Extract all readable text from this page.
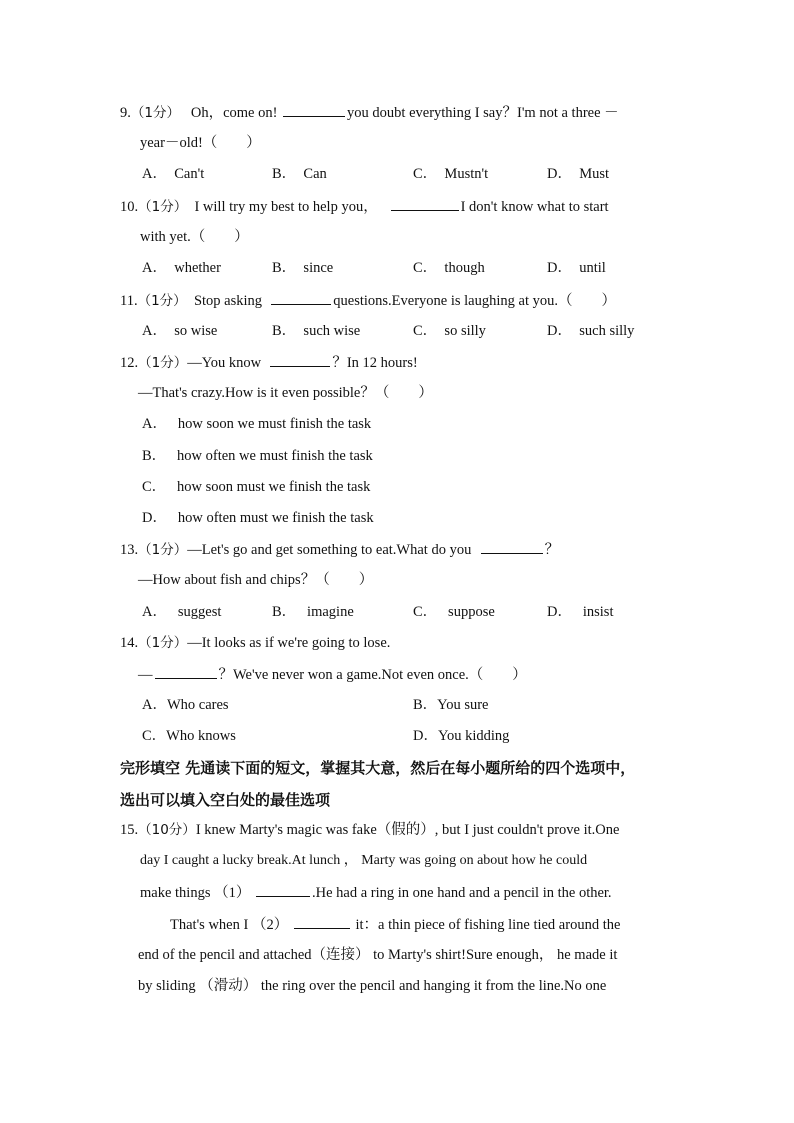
9.（1分） Oh，come on!	you doubt everything I say？I'm not a three －
year－old!（　　）
A． Can't	B． Can	C． Mustn't	D． Must
10.（1分） I will try my best to help you，	I don't know what to start
with yet.（　　）
A． whether	B． since	C． though	D． until
11.（1分） Stop asking	questions.Everyone is laughing at you.（　　）
A． so wise	B． such wise	C． so silly	D． such silly
12.（1分）—You know	？In 12 hours!
—That's crazy.How is it even possible？（　　）
A． how soon we must finish the task
B． how often we must finish the task
C． how soon must we finish the task
D． how often must we finish the task
13.（1分）—Let's go and get something to eat.What do you	？
—How about fish and chips？（　　）
A． suggest	B． imagine	C． suppose	D． insist
14.（1分）—It looks as if we're going to lose.
—	？We've never won a game.Not even once.（　　）
A．Who cares	B．You sure
C．Who knows	D．You kidding
完形填空 先通读下面的短文，掌握其大意，然后在每小题所给的四个选项中，
选出可以填入空白处的最佳选项
15.（10分）I knew Marty's magic was fake（假的）, but I just couldn't prove it.One
day I caught a lucky break.At lunch ， Marty was going on about how he could
make things （1）	.He had a ring in one hand and a pencil in the other.
That's when I （2）	it：a thin piece of fishing line tied around the
end of the pencil and attached（连接） to Marty's shirt!Sure enough， he made it
by sliding （滑动） the ring over the pencil and hanging it from the line.No one
